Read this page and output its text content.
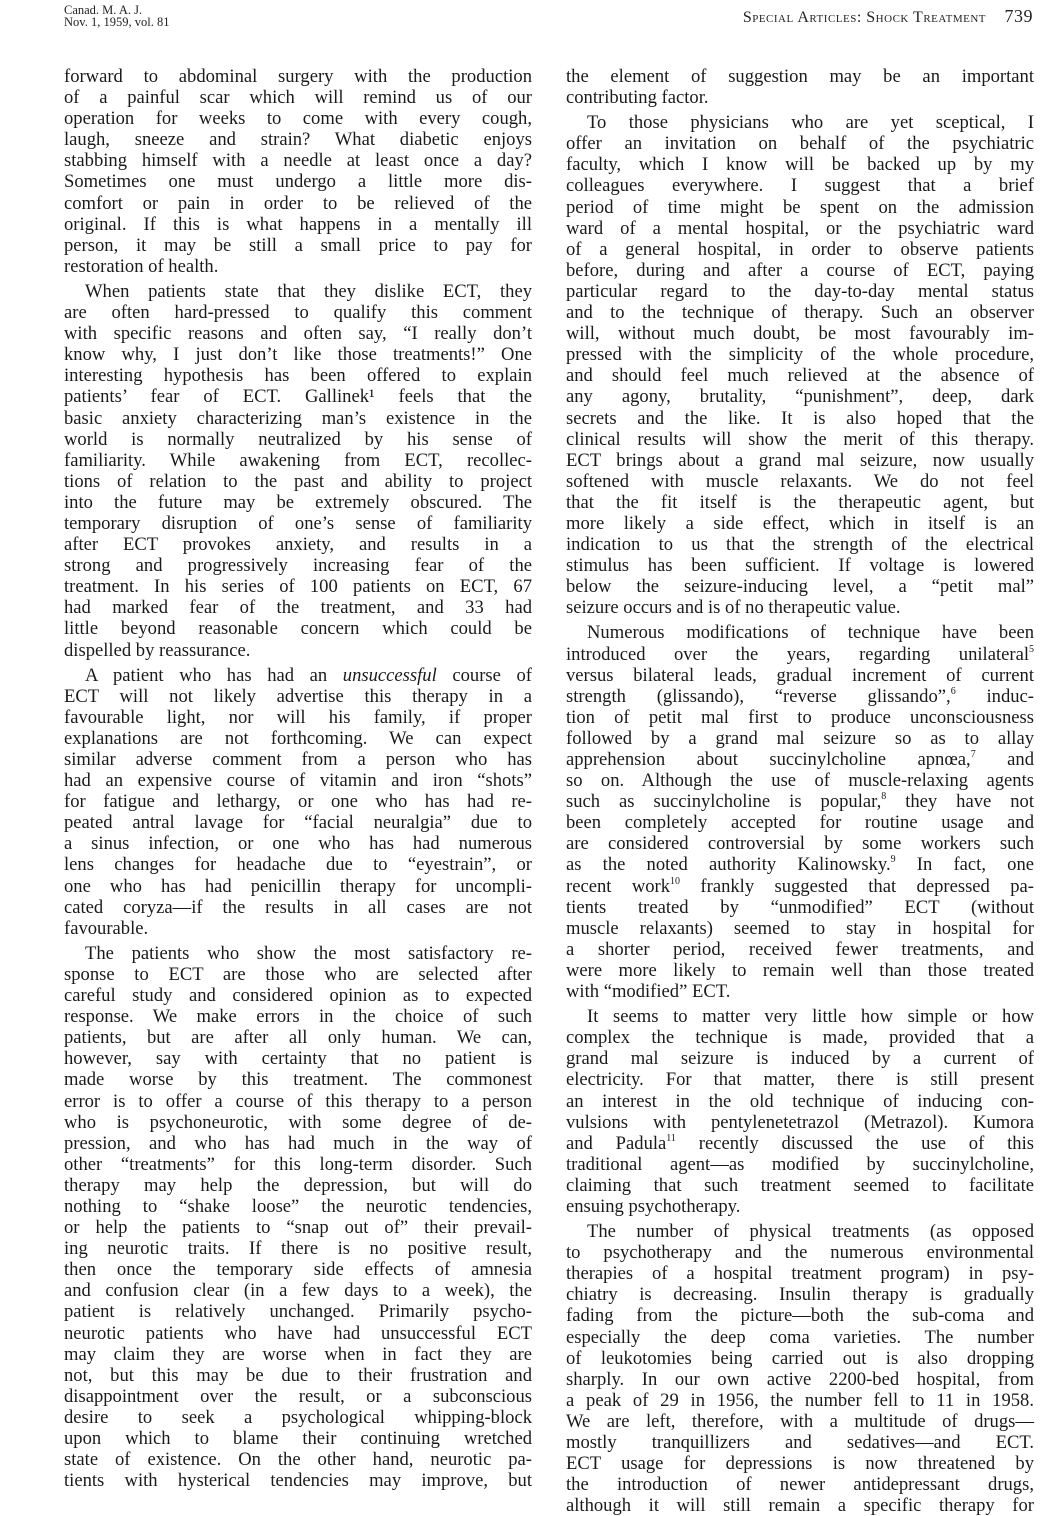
Canad. M. A. J.
Nov. 1, 1959, vol. 81	Special Articles: Shock Treatment 739
forward to abdominal surgery with the production
of a painful scar which will remind us of our
operation for weeks to come with every cough,
laugh, sneeze and strain? What diabetic enjoys
stabbing himself with a needle at least once a day?
Sometimes one must undergo a little more dis-
comfort or pain in order to be relieved of the
original. If this is what happens in a mentally ill
person, it may be still a small price to pay for
restoration of health.
When patients state that they dislike ECT, they
are often hard-pressed to qualify this comment
with specific reasons and often say, “I really don’t
know why, I just don’t like those treatments!” One
interesting hypothesis has been offered to explain
patients’ fear of ECT. Gallinek¹ feels that the
basic anxiety characterizing man’s existence in the
world is normally neutralized by his sense of
familiarity. While awakening from ECT, recollec-
tions of relation to the past and ability to project
into the future may be extremely obscured. The
temporary disruption of one’s sense of familiarity
after ECT provokes anxiety, and results in a
strong and progressively increasing fear of the
treatment. In his series of 100 patients on ECT, 67
had marked fear of the treatment, and 33 had
little beyond reasonable concern which could be
dispelled by reassurance.
A patient who has had an unsuccessful course of
ECT will not likely advertise this therapy in a
favourable light, nor will his family, if proper
explanations are not forthcoming. We can expect
similar adverse comment from a person who has
had an expensive course of vitamin and iron “shots”
for fatigue and lethargy, or one who has had re-
peated antral lavage for “facial neuralgia” due to
a sinus infection, or one who has had numerous
lens changes for headache due to “eyestrain”, or
one who has had penicillin therapy for uncompli-
cated coryza—if the results in all cases are not
favourable.
The patients who show the most satisfactory re-
sponse to ECT are those who are selected after
careful study and considered opinion as to expected
response. We make errors in the choice of such
patients, but are after all only human. We can,
however, say with certainty that no patient is
made worse by this treatment. The commonest
error is to offer a course of this therapy to a person
who is psychoneurotic, with some degree of de-
pression, and who has had much in the way of
other “treatments” for this long-term disorder. Such
therapy may help the depression, but will do
nothing to “shake loose” the neurotic tendencies,
or help the patients to “snap out of” their prevail-
ing neurotic traits. If there is no positive result,
then once the temporary side effects of amnesia
and confusion clear (in a few days to a week), the
patient is relatively unchanged. Primarily psycho-
neurotic patients who have had unsuccessful ECT
may claim they are worse when in fact they are
not, but this may be due to their frustration and
disappointment over the result, or a subconscious
desire to seek a psychological whipping-block
upon which to blame their continuing wretched
state of existence. On the other hand, neurotic pa-
tients with hysterical tendencies may improve, but
the element of suggestion may be an important
contributing factor.
To those physicians who are yet sceptical, I
offer an invitation on behalf of the psychiatric
faculty, which I know will be backed up by my
colleagues everywhere. I suggest that a brief
period of time might be spent on the admission
ward of a mental hospital, or the psychiatric ward
of a general hospital, in order to observe patients
before, during and after a course of ECT, paying
particular regard to the day-to-day mental status
and to the technique of therapy. Such an observer
will, without much doubt, be most favourably im-
pressed with the simplicity of the whole procedure,
and should feel much relieved at the absence of
any agony, brutality, “punishment”, deep, dark
secrets and the like. It is also hoped that the
clinical results will show the merit of this therapy.
ECT brings about a grand mal seizure, now usually
softened with muscle relaxants. We do not feel
that the fit itself is the therapeutic agent, but
more likely a side effect, which in itself is an
indication to us that the strength of the electrical
stimulus has been sufficient. If voltage is lowered
below the seizure-inducing level, a “petit mal”
seizure occurs and is of no therapeutic value.
Numerous modifications of technique have been
introduced over the years, regarding unilateral$^5$
versus bilateral leads, gradual increment of current
strength (glissando), “reverse glissando”,$^6$ induc-
tion of petit mal first to produce unconsciousness
followed by a grand mal seizure so as to allay
apprehension about succinylcholine apnœa,$^7$ and
so on. Although the use of muscle-relaxing agents
such as succinylcholine is popular,$^8$ they have not
been completely accepted for routine usage and
are considered controversial by some workers such
as the noted authority Kalinowsky.$^9$ In fact, one
recent work$^{10}$ frankly suggested that depressed pa-
tients treated by “unmodified” ECT (without
muscle relaxants) seemed to stay in hospital for
a shorter period, received fewer treatments, and
were more likely to remain well than those treated
with “modified” ECT.
It seems to matter very little how simple or how
complex the technique is made, provided that a
grand mal seizure is induced by a current of
electricity. For that matter, there is still present
an interest in the old technique of inducing con-
vulsions with pentylenetetrazol (Metrazol). Kumora
and Padula$^{11}$ recently discussed the use of this
traditional agent—as modified by succinylcholine,
claiming that such treatment seemed to facilitate
ensuing psychotherapy.
The number of physical treatments (as opposed
to psychotherapy and the numerous environmental
therapies of a hospital treatment program) in psy-
chiatry is decreasing. Insulin therapy is gradually
fading from the picture—both the sub-coma and
especially the deep coma varieties. The number
of leukotomies being carried out is also dropping
sharply. In our own active 2200-bed hospital, from
a peak of 29 in 1956, the number fell to 11 in 1958.
We are left, therefore, with a multitude of drugs—
mostly tranquillizers and sedatives—and ECT.
ECT usage for depressions is now threatened by
the introduction of newer antidepressant drugs,
although it will still remain a specific therapy for
